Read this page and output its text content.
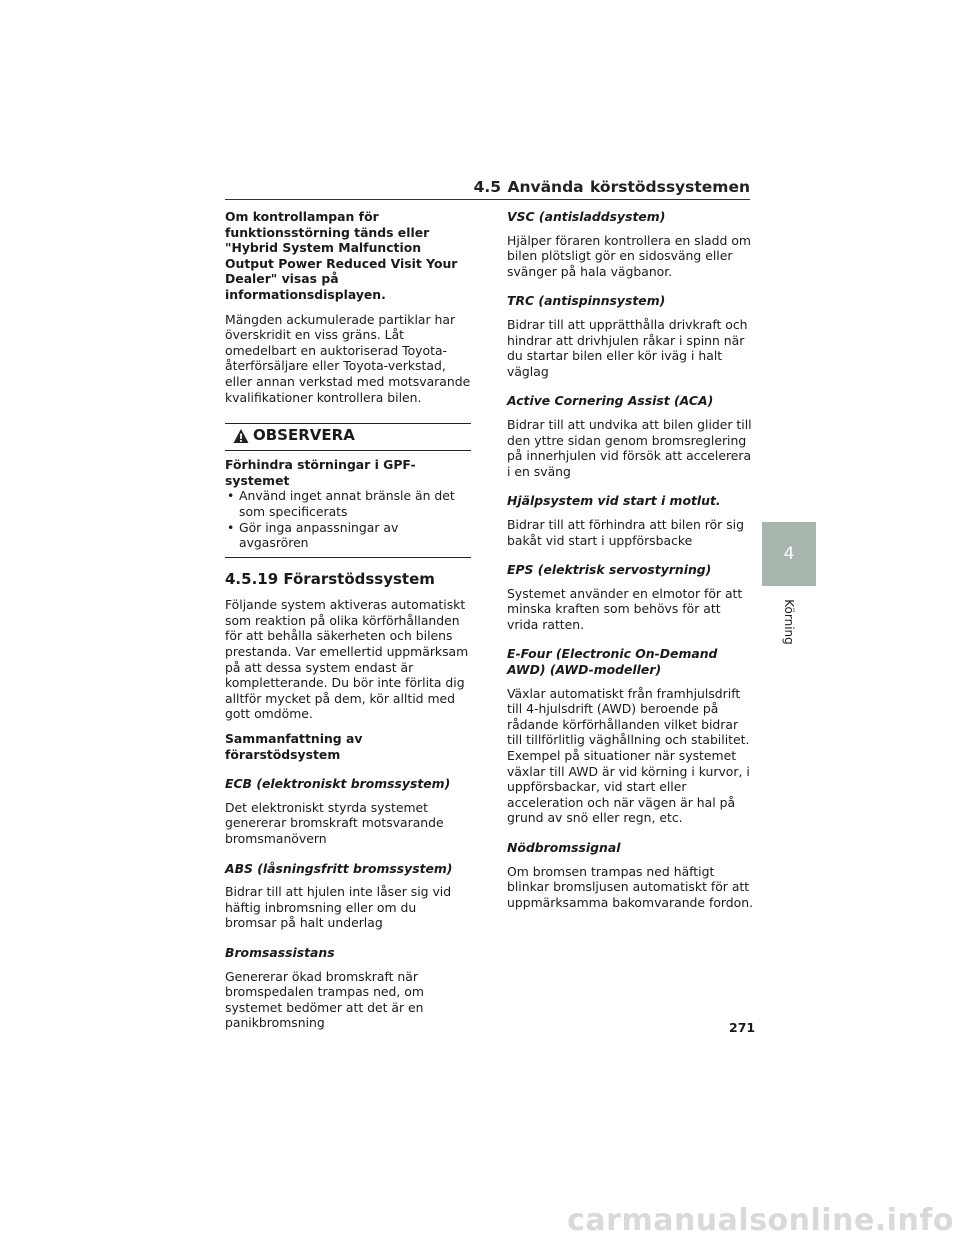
4.5 Använda körstödssystemen

Om kontrollampan för funktionsstörning tänds eller "Hybrid System Malfunction Output Power Reduced Visit Your Dealer" visas på informationsdisplayen.

Mängden ackumulerade partiklar har överskridit en viss gräns. Låt omedelbart en auktoriserad Toyota-återförsäljare eller Toyota-verkstad, eller annan verkstad med motsvarande kvalifikationer kontrollera bilen.

OBSERVERA
Förhindra störningar i GPF-systemet
• Använd inget annat bränsle än det som specificerats
• Gör inga anpassningar av avgasrören
4.5.19 Förarstödssystem

Följande system aktiveras automatiskt som reaktion på olika körförhållanden för att behålla säkerheten och bilens prestanda. Var emellertid uppmärksam på att dessa system endast är kompletterande. Du bör inte förlita dig alltför mycket på dem, kör alltid med gott omdöme.

Sammanfattning av förarstödsystem

ECB (elektroniskt bromssystem)

Det elektroniskt styrda systemet genererar bromskraft motsvarande bromsmanövern

ABS (låsningsfritt bromssystem)

Bidrar till att hjulen inte låser sig vid häftig inbromsning eller om du bromsar på halt underlag

Bromsassistans

Genererar ökad bromskraft när bromspedalen trampas ned, om systemet bedömer att det är en panikbromsning

VSC (antisladdsystem)

Hjälper föraren kontrollera en sladd om bilen plötsligt gör en sidosväng eller svänger på hala vägbanor.

TRC (antispinnsystem)

Bidrar till att upprätthålla drivkraft och hindrar att drivhjulen råkar i spinn när du startar bilen eller kör iväg i halt väglag

Active Cornering Assist (ACA)

Bidrar till att undvika att bilen glider till den yttre sidan genom bromsreglering på innerhjulen vid försök att accelerera i en sväng

Hjälpsystem vid start i motlut.

Bidrar till att förhindra att bilen rör sig bakåt vid start i uppförsbacke

EPS (elektrisk servostyrning)

Systemet använder en elmotor för att minska kraften som behövs för att vrida ratten.

E-Four (Electronic On-Demand AWD) (AWD-modeller)

Växlar automatiskt från framhjulsdrift till 4-hjulsdrift (AWD) beroende på rådande körförhållanden vilket bidrar till tillförlitlig väghållning och stabilitet. Exempel på situationer när systemet växlar till AWD är vid körning i kurvor, i uppförsbackar, vid start eller acceleration och när vägen är hal på grund av snö eller regn, etc.

Nödbromssignal

Om bromsen trampas ned häftigt blinkar bromsljusen automatiskt för att uppmärksamma bakomvarande fordon.

4
Körning
271
carmanualsonline.info
